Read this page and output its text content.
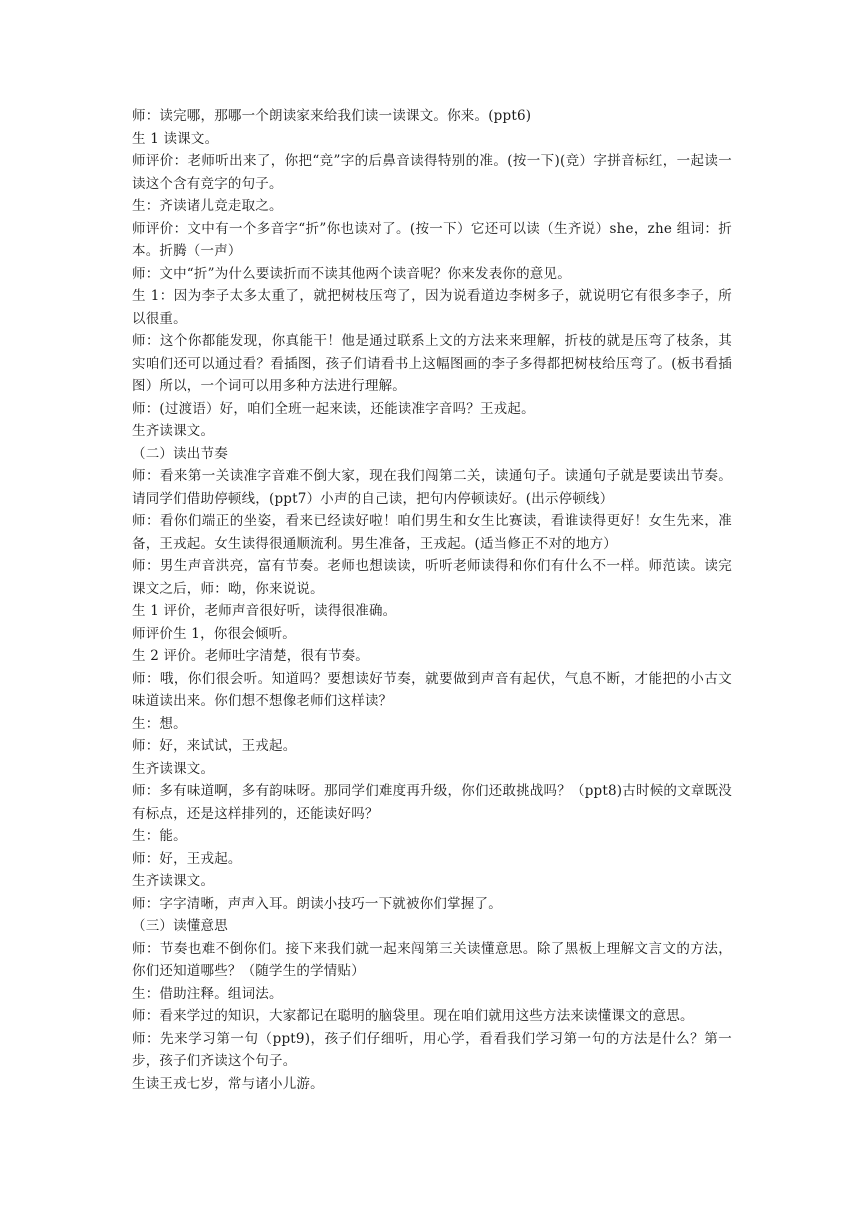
师：读完哪，那哪一个朗读家来给我们读一读课文。你来。(ppt6)

生 1 读课文。

师评价：老师听出来了，你把“竞”字的后鼻音读得特别的准。(按一下)(竞）字拼音标红，一起读一读这个含有竞字的句子。

生：齐读诸儿竞走取之。

师评价：文中有一个多音字“折”你也读对了。(按一下）它还可以读（生齐说）she，zhe 组词：折本。折腾（一声）

师：文中“折”为什么要读折而不读其他两个读音呢？你来发表你的意见。

生 1：因为李子太多太重了，就把树枝压弯了，因为说看道边李树多子，就说明它有很多李子，所以很重。

师：这个你都能发现，你真能干！他是通过联系上文的方法来来理解，折枝的就是压弯了枝条，其实咱们还可以通过看？看插图，孩子们请看书上这幅图画的李子多得都把树枝给压弯了。(板书看插图）所以，一个词可以用多种方法进行理解。

师：(过渡语）好，咱们全班一起来读，还能读准字音吗？王戎起。

生齐读课文。

（二）读出节奏

师：看来第一关读准字音难不倒大家，现在我们闯第二关，读通句子。读通句子就是要读出节奏。请同学们借助停顿线，(ppt7）小声的自己读，把句内停顿读好。(出示停顿线）

师：看你们端正的坐姿，看来已经读好啦！咱们男生和女生比赛读，看谁读得更好！女生先来，准备，王戎起。女生读得很通顺流利。男生准备，王戎起。(适当修正不对的地方）

师：男生声音洪亮，富有节奏。老师也想读读，听听老师读得和你们有什么不一样。师范读。读完课文之后，师：呦，你来说说。

生 1 评价，老师声音很好听，读得很准确。

师评价生 1，你很会倾听。

生 2 评价。老师吐字清楚，很有节奏。

师：哦，你们很会听。知道吗？要想读好节奏，就要做到声音有起伏，气息不断，才能把的小古文味道读出来。你们想不想像老师们这样读？

生：想。

师：好，来试试，王戎起。

生齐读课文。

师：多有味道啊，多有韵味呀。那同学们难度再升级，你们还敢挑战吗？（ppt8)古时候的文章既没有标点，还是这样排列的，还能读好吗？

生：能。

师：好，王戎起。

生齐读课文。

师：字字清晰，声声入耳。朗读小技巧一下就被你们掌握了。

（三）读懂意思

师：节奏也难不倒你们。接下来我们就一起来闯第三关读懂意思。除了黑板上理解文言文的方法，你们还知道哪些？（随学生的学情贴）

生：借助注释。组词法。

师：看来学过的知识，大家都记在聪明的脑袋里。现在咱们就用这些方法来读懂课文的意思。

师：先来学习第一句（ppt9)，孩子们仔细听，用心学，看看我们学习第一句的方法是什么？第一步，孩子们齐读这个句子。

生读王戎七岁，常与诸小儿游。
